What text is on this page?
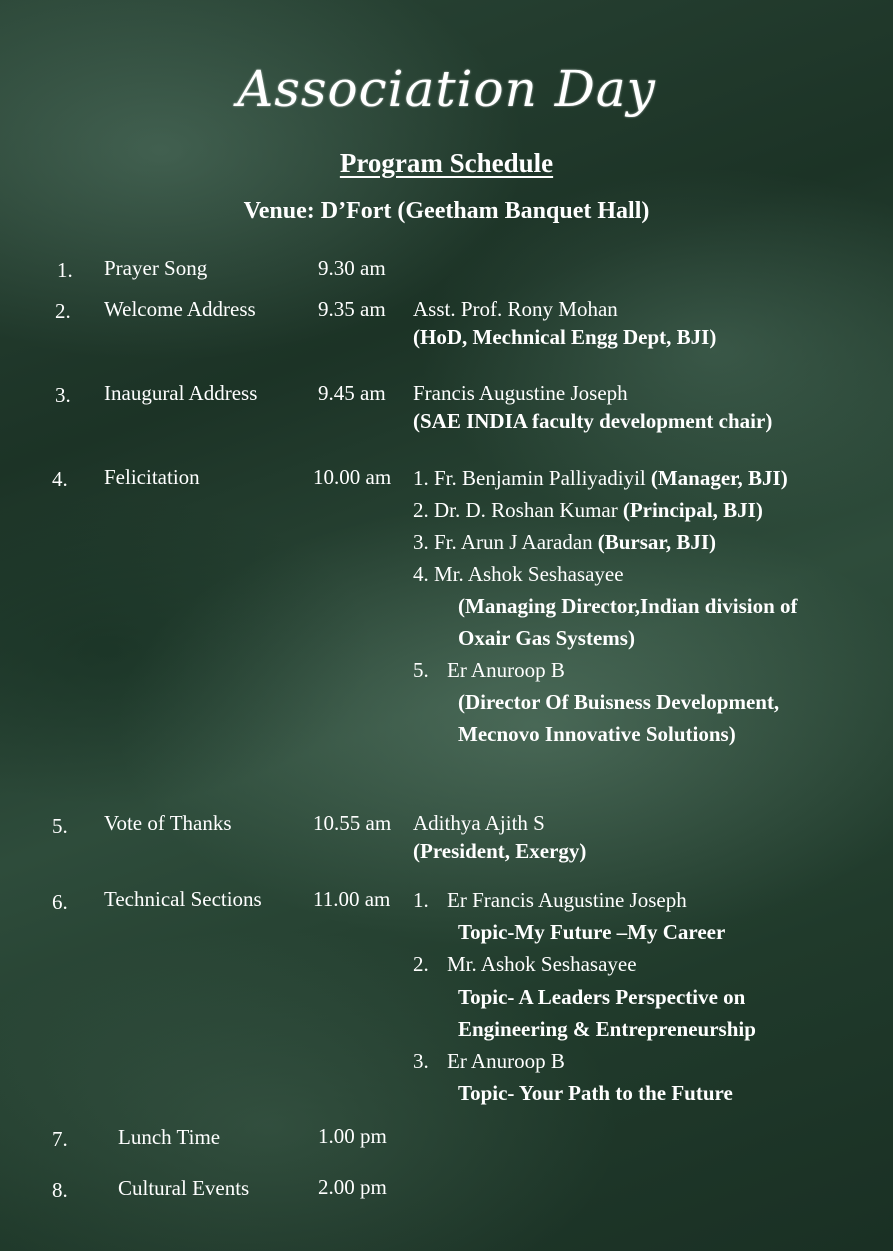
Association Day
Program Schedule
Venue: D’Fort (Geetham Banquet Hall)
1.	Prayer Song	9.30 am
2.	Welcome Address	9.35 am Asst. Prof. Rony Mohan
(HoD, Mechnical Engg Dept, BJI)
3.	Inaugural Address	9.45 am Francis Augustine Joseph
(SAE INDIA faculty development chair)
4.	Felicitation	10.00 am 1. Fr. Benjamin Palliyadiyil (Manager, BJI)
2. Dr. D. Roshan Kumar (Principal, BJI)
3. Fr. Arun J Aaradan (Bursar, BJI)
4. Mr. Ashok Seshasayee
(Managing Director,Indian division of
Oxair Gas Systems)
5. Er Anuroop B
(Director Of Buisness Development,
Mecnovo Innovative Solutions)
5.	Vote of Thanks	10.55 am Adithya Ajith S
(President, Exergy)
6.	Technical Sections 11.00 am 1. Er Francis Augustine Joseph
Topic-My Future –My Career
2. Mr. Ashok Seshasayee
Topic- A Leaders Perspective on
Engineering & Entrepreneurship
3. Er Anuroop B
Topic- Your Path to the Future
7.	Lunch Time	1.00 pm
8.	Cultural Events	2.00 pm
